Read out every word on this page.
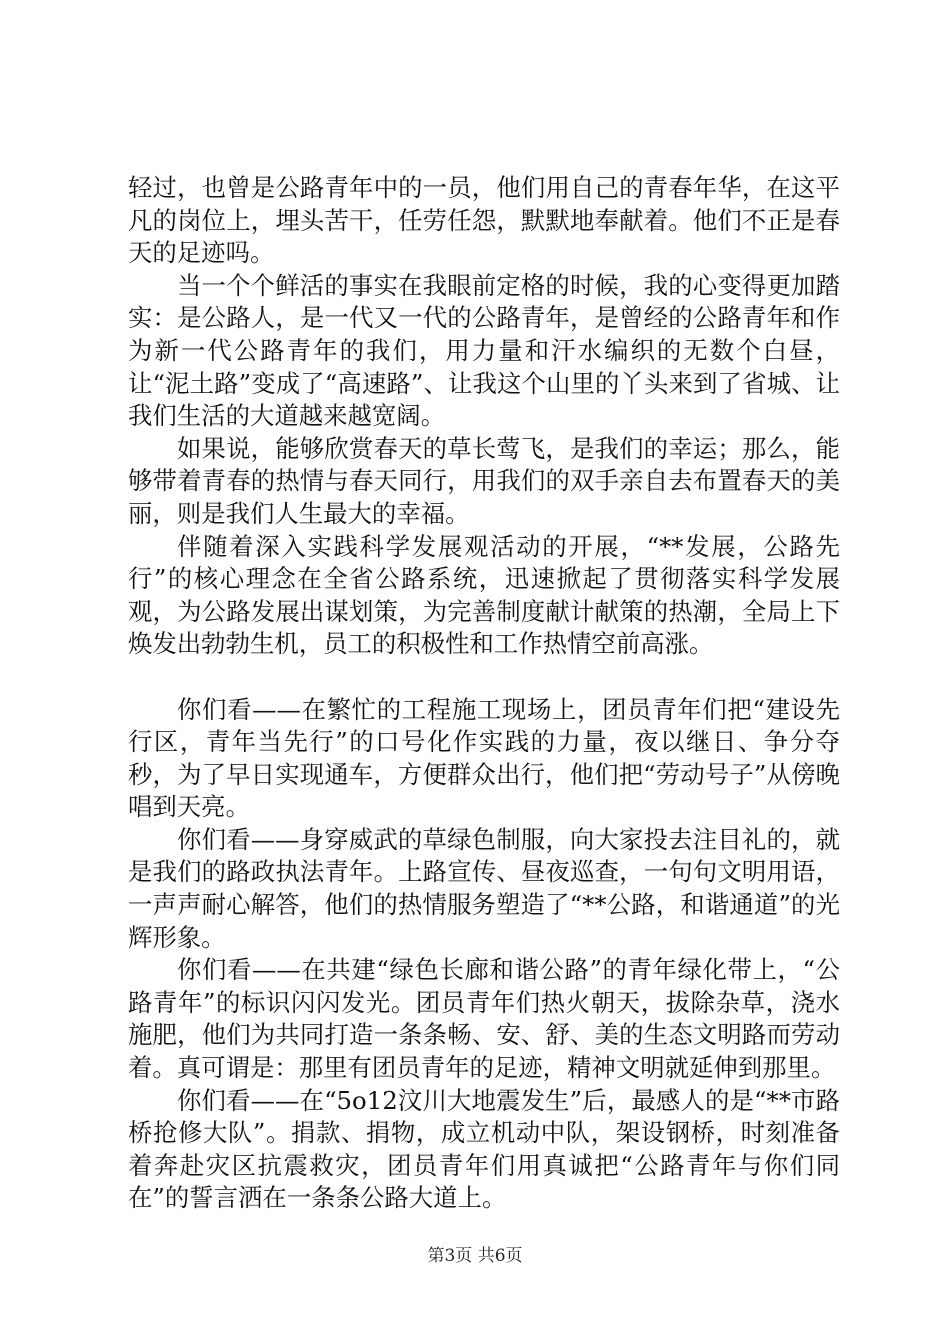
轻过，也曾是公路青年中的一员，他们用自己的青春年华，在这平凡的岗位上，埋头苦干，任劳任怨，默默地奉献着。他们不正是春天的足迹吗。

当一个个鲜活的事实在我眼前定格的时候，我的心变得更加踏实：是公路人，是一代又一代的公路青年，是曾经的公路青年和作为新一代公路青年的我们，用力量和汗水编织的无数个白昼，让“泥土路”变成了“高速路”、让我这个山里的丫头来到了省城、让我们生活的大道越来越宽阔。

如果说，能够欣赏春天的草长莺飞，是我们的幸运；那么，能够带着青春的热情与春天同行，用我们的双手亲自去布置春天的美丽，则是我们人生最大的幸福。

伴随着深入实践科学发展观活动的开展，“**发展，公路先行”的核心理念在全省公路系统，迅速掀起了贯彻落实科学发展观，为公路发展出谋划策，为完善制度献计献策的热潮，全局上下焕发出勃勃生机，员工的积极性和工作热情空前高涨。

你们看——在繁忙的工程施工现场上，团员青年们把“建设先行区，青年当先行”的口号化作实践的力量，夜以继日、争分夺秒，为了早日实现通车，方便群众出行，他们把“劳动号子”从傍晚唱到天亮。

你们看——身穿威武的草绿色制服，向大家投去注目礼的，就是我们的路政执法青年。上路宣传、昼夜巡查，一句句文明用语，一声声耐心解答，他们的热情服务塑造了“**公路，和谐通道”的光辉形象。

你们看——在共建“绿色长廊和谐公路”的青年绿化带上，“公路青年”的标识闪闪发光。团员青年们热火朝天，拔除杂草，浇水施肥，他们为共同打造一条条畅、安、舒、美的生态文明路而劳动着。真可谓是：那里有团员青年的足迹，精神文明就延伸到那里。

你们看——在“5o12汶川大地震发生”后，最感人的是“**市路桥抢修大队”。捐款、捐物，成立机动中队，架设钢桥，时刻准备着奔赴灾区抗震救灾，团员青年们用真诚把“公路青年与你们同在”的誓言洒在一条条公路大道上。

第3页 共6页
